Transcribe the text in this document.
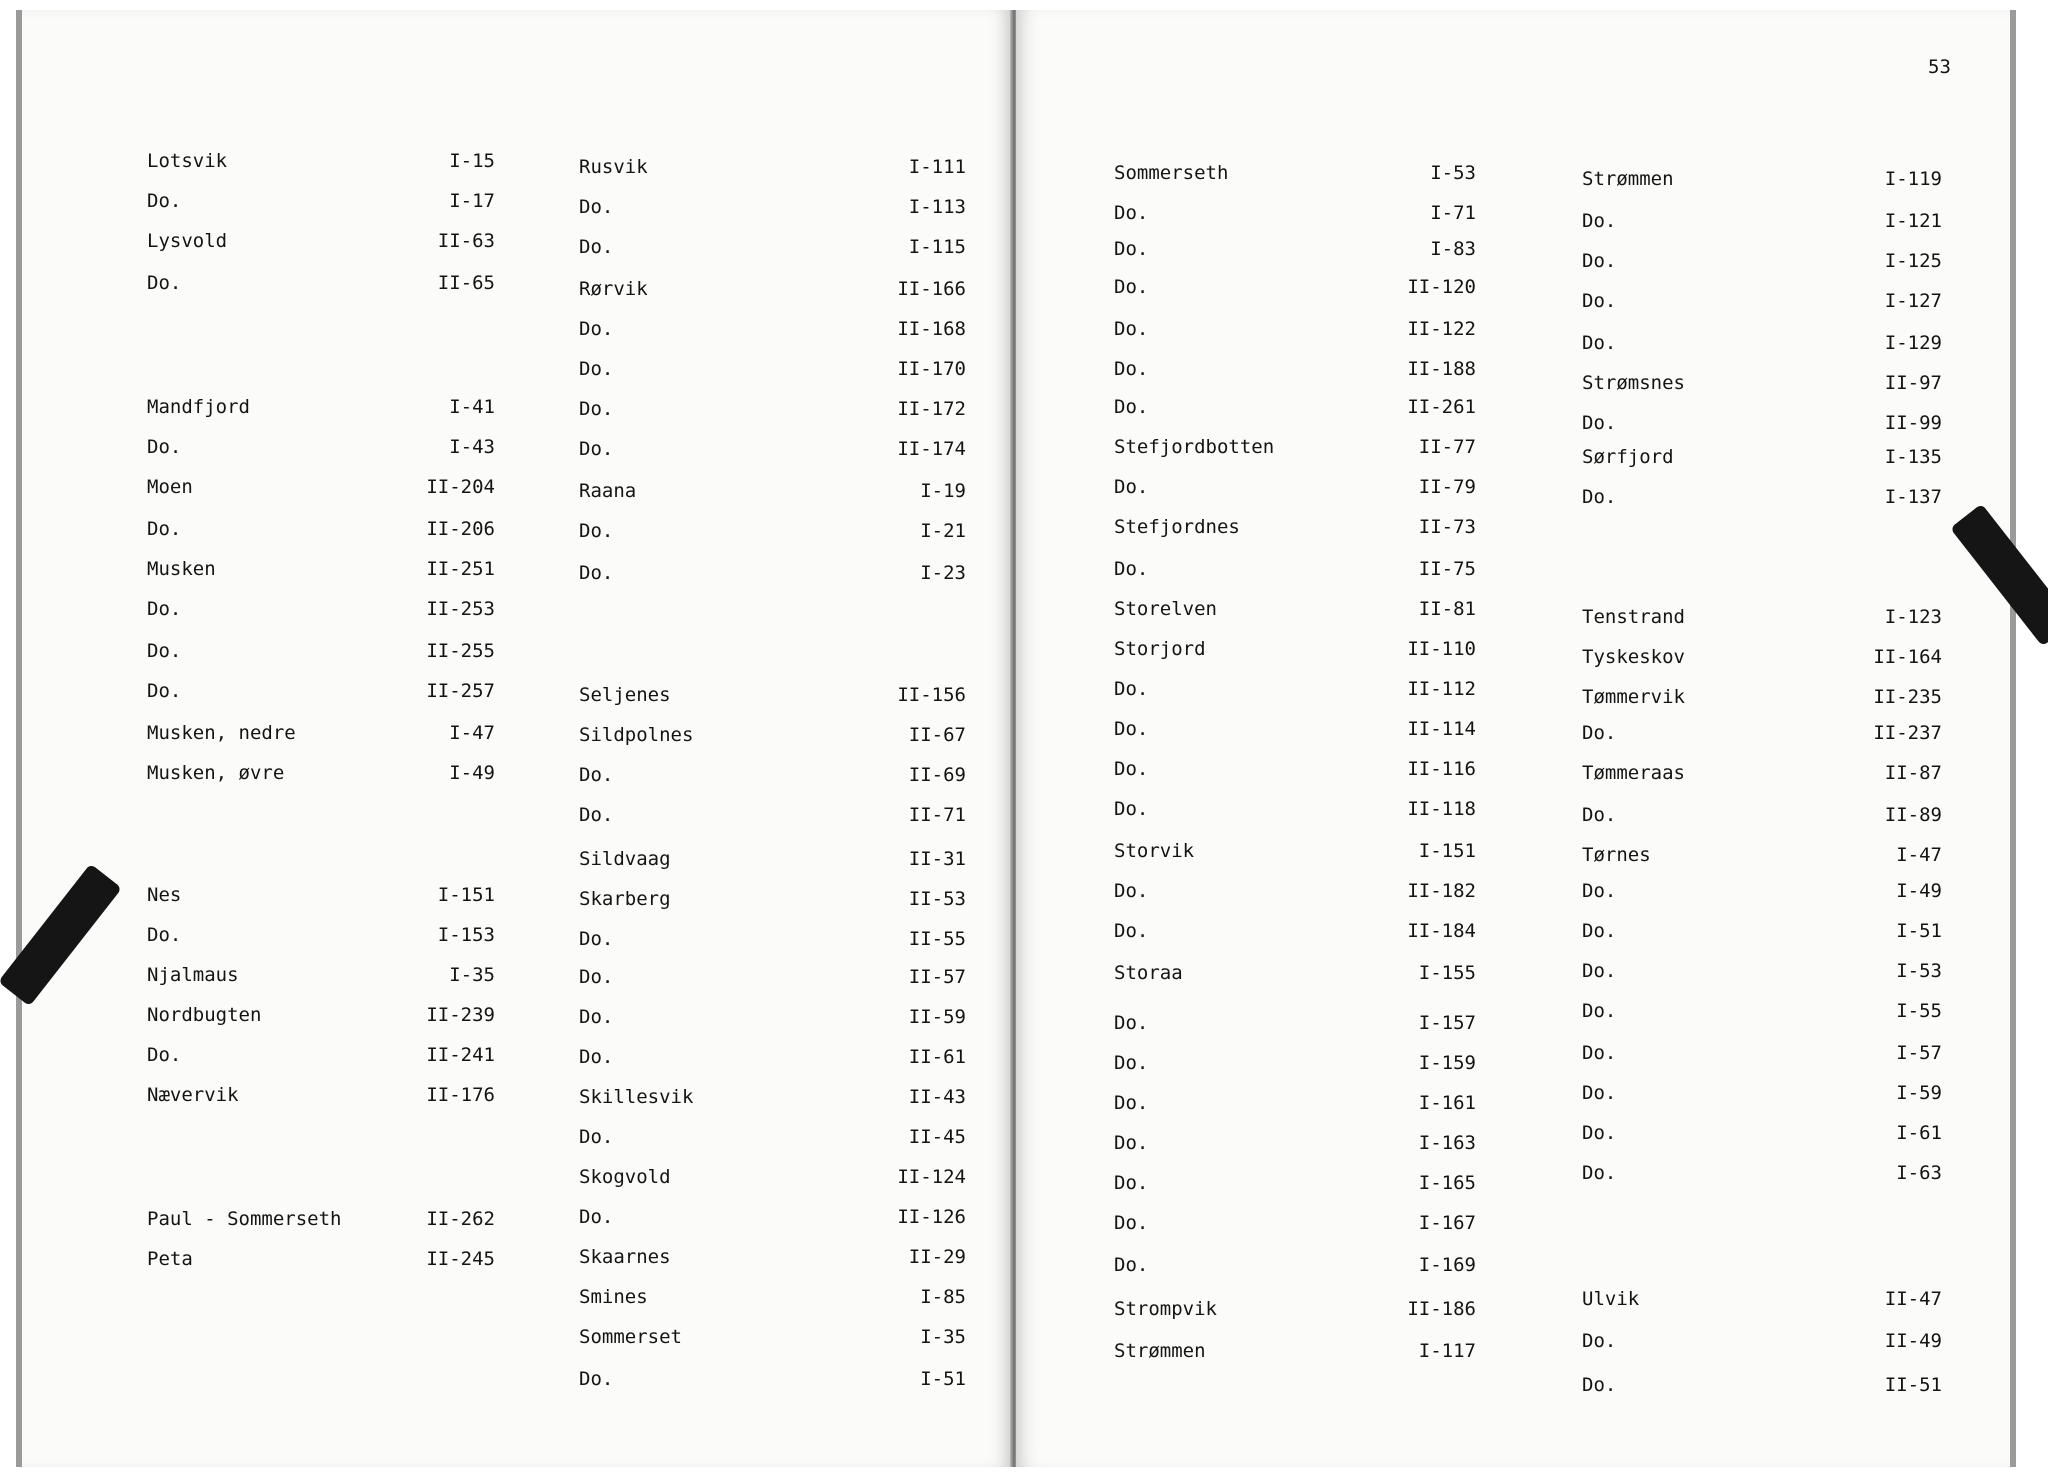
53
Lotsvik	I-15
Do.	I-17
Lysvold	II-63
Do.	II-65
Mandfjord	I-41
Do.	I-43
Moen	II-204
Do.	II-206
Musken	II-251
Do.	II-253
Do.	II-255
Do.	II-257
Musken, nedre	I-47
Musken, øvre	I-49
Nes	I-151
Do.	I-153
Njalmaus	I-35
Nordbugten	II-239
Do.	II-241
Nævervik	II-176
Paul - Sommerseth	II-262
Peta	II-245
Rusvik	I-111
Do.	I-113
Do.	I-115
Rørvik	II-166
Do.	II-168
Do.	II-170
Do.	II-172
Do.	II-174
Raana	I-19
Do.	I-21
Do.	I-23
Seljenes	II-156
Sildpolnes	II-67
Do.	II-69
Do.	II-71
Sildvaag	II-31
Skarberg	II-53
Do.	II-55
Do.	II-57
Do.	II-59
Do.	II-61
Skillesvik	II-43
Do.	II-45
Skogvold	II-124
Do.	II-126
Skaarnes	II-29
Smines	I-85
Sommerset	I-35
Do.	I-51
Sommerseth	I-53
Do.	I-71
Do.	I-83
Do.	II-120
Do.	II-122
Do.	II-188
Do.	II-261
Stefjordbotten	II-77
Do.	II-79
Stefjordnes	II-73
Do.	II-75
Storelven	II-81
Storjord	II-110
Do.	II-112
Do.	II-114
Do.	II-116
Do.	II-118
Storvik	I-151
Do.	II-182
Do.	II-184
Storaa	I-155
Do.	I-157
Do.	I-159
Do.	I-161
Do.	I-163
Do.	I-165
Do.	I-167
Do.	I-169
Strompvik	II-186
Strømmen	I-117
Strømmen	I-119
Do.	I-121
Do.	I-125
Do.	I-127
Do.	I-129
Strømsnes	II-97
Do.	II-99
Sørfjord	I-135
Do.	I-137
Tenstrand	I-123
Tyskeskov	II-164
Tømmervik	II-235
Do.	II-237
Tømmeraas	II-87
Do.	II-89
Tørnes	I-47
Do.	I-49
Do.	I-51
Do.	I-53
Do.	I-55
Do.	I-57
Do.	I-59
Do.	I-61
Do.	I-63
Ulvik	II-47
Do.	II-49
Do.	II-51
